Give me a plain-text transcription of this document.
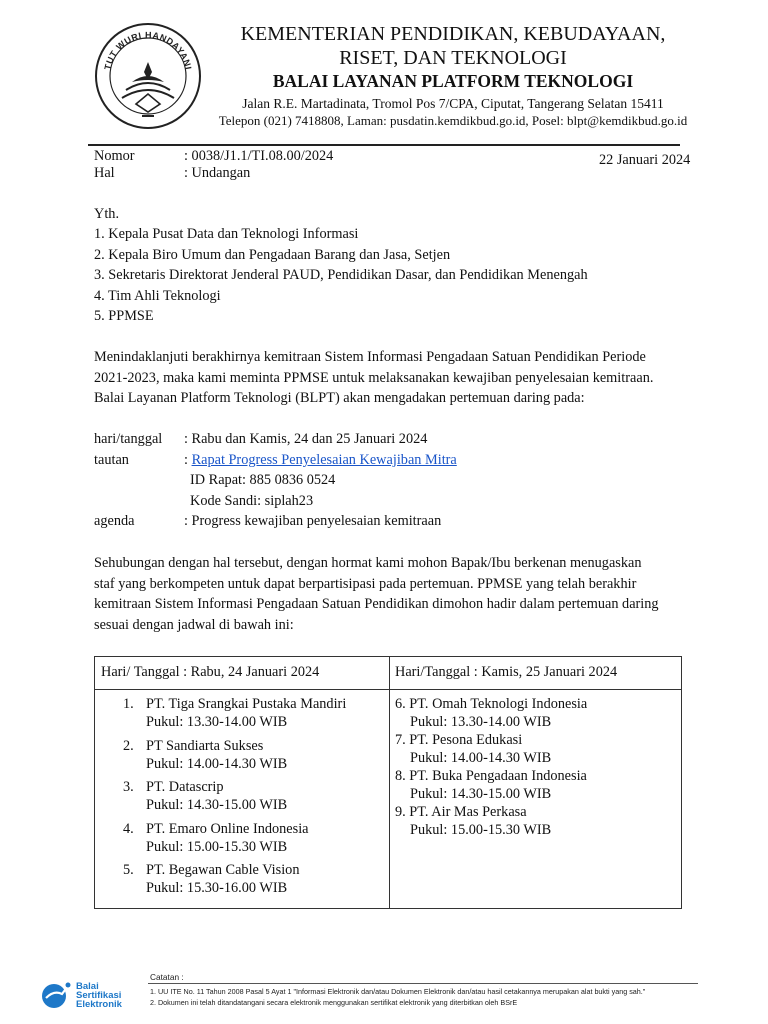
TUT WURI HANDAYANI
KEMENTERIAN PENDIDIKAN, KEBUDAYAAN,
RISET, DAN TEKNOLOGI
BALAI LAYANAN PLATFORM TEKNOLOGI
Jalan R.E. Martadinata, Tromol Pos 7/CPA, Ciputat, Tangerang Selatan 15411
Telepon (021) 7418808, Laman: pusdatin.kemdikbud.go.id, Posel: blpt@kemdikbud.go.id
Nomor	: 0038/J1.1/TI.08.00/2024	22 Januari 2024
Hal	: Undangan
Yth.
1. Kepala Pusat Data dan Teknologi Informasi
2. Kepala Biro Umum dan Pengadaan Barang dan Jasa, Setjen
3. Sekretaris Direktorat Jenderal PAUD, Pendidikan Dasar, dan Pendidikan Menengah
4. Tim Ahli Teknologi
5. PPMSE
Menindaklanjuti berakhirnya kemitraan Sistem Informasi Pengadaan Satuan Pendidikan Periode
2021-2023, maka kami meminta PPMSE untuk melaksanakan kewajiban penyelesaian kemitraan.
Balai Layanan Platform Teknologi (BLPT) akan mengadakan pertemuan daring pada:
hari/tanggal : Rabu dan Kamis, 24 dan 25 Januari 2024
tautan	: Rapat Progress Penyelesaian Kewajiban Mitra
ID Rapat: 885 0836 0524
Kode Sandi: siplah23
agenda	: Progress kewajiban penyelesaian kemitraan
Sehubungan dengan hal tersebut, dengan hormat kami mohon Bapak/Ibu berkenan menugaskan
staf yang berkompeten untuk dapat berpartisipasi pada pertemuan. PPMSE yang telah berakhir
kemitraan Sistem Informasi Pengadaan Satuan Pendidikan dimohon hadir dalam pertemuan daring
sesuai dengan jadwal di bawah ini:
Hari/ Tanggal : Rabu, 24 Januari 2024	Hari/Tanggal : Kamis, 25 Januari 2024
1. PT. Tiga Srangkai Pustaka Mandiri
Pukul: 13.30-14.00 WIB
2. PT Sandiarta Sukses
Pukul: 14.00-14.30 WIB
3. PT. Datascrip
Pukul: 14.30-15.00 WIB
4. PT. Emaro Online Indonesia
Pukul: 15.00-15.30 WIB
5. PT. Begawan Cable Vision
Pukul: 15.30-16.00 WIB
6. PT. Omah Teknologi Indonesia
Pukul: 13.30-14.00 WIB
7. PT. Pesona Edukasi
Pukul: 14.00-14.30 WIB
8. PT. Buka Pengadaan Indonesia
Pukul: 14.30-15.00 WIB
9. PT. Air Mas Perkasa
Pukul: 15.00-15.30 WIB
Balai
Sertifikasi
Elektronik
Catatan :
1. UU ITE No. 11 Tahun 2008 Pasal 5 Ayat 1 "Informasi Elektronik dan/atau Dokumen Elektronik dan/atau hasil cetakannya merupakan alat bukti yang sah."
2. Dokumen ini telah ditandatangani secara elektronik menggunakan sertifikat elektronik yang diterbitkan oleh BSrE
